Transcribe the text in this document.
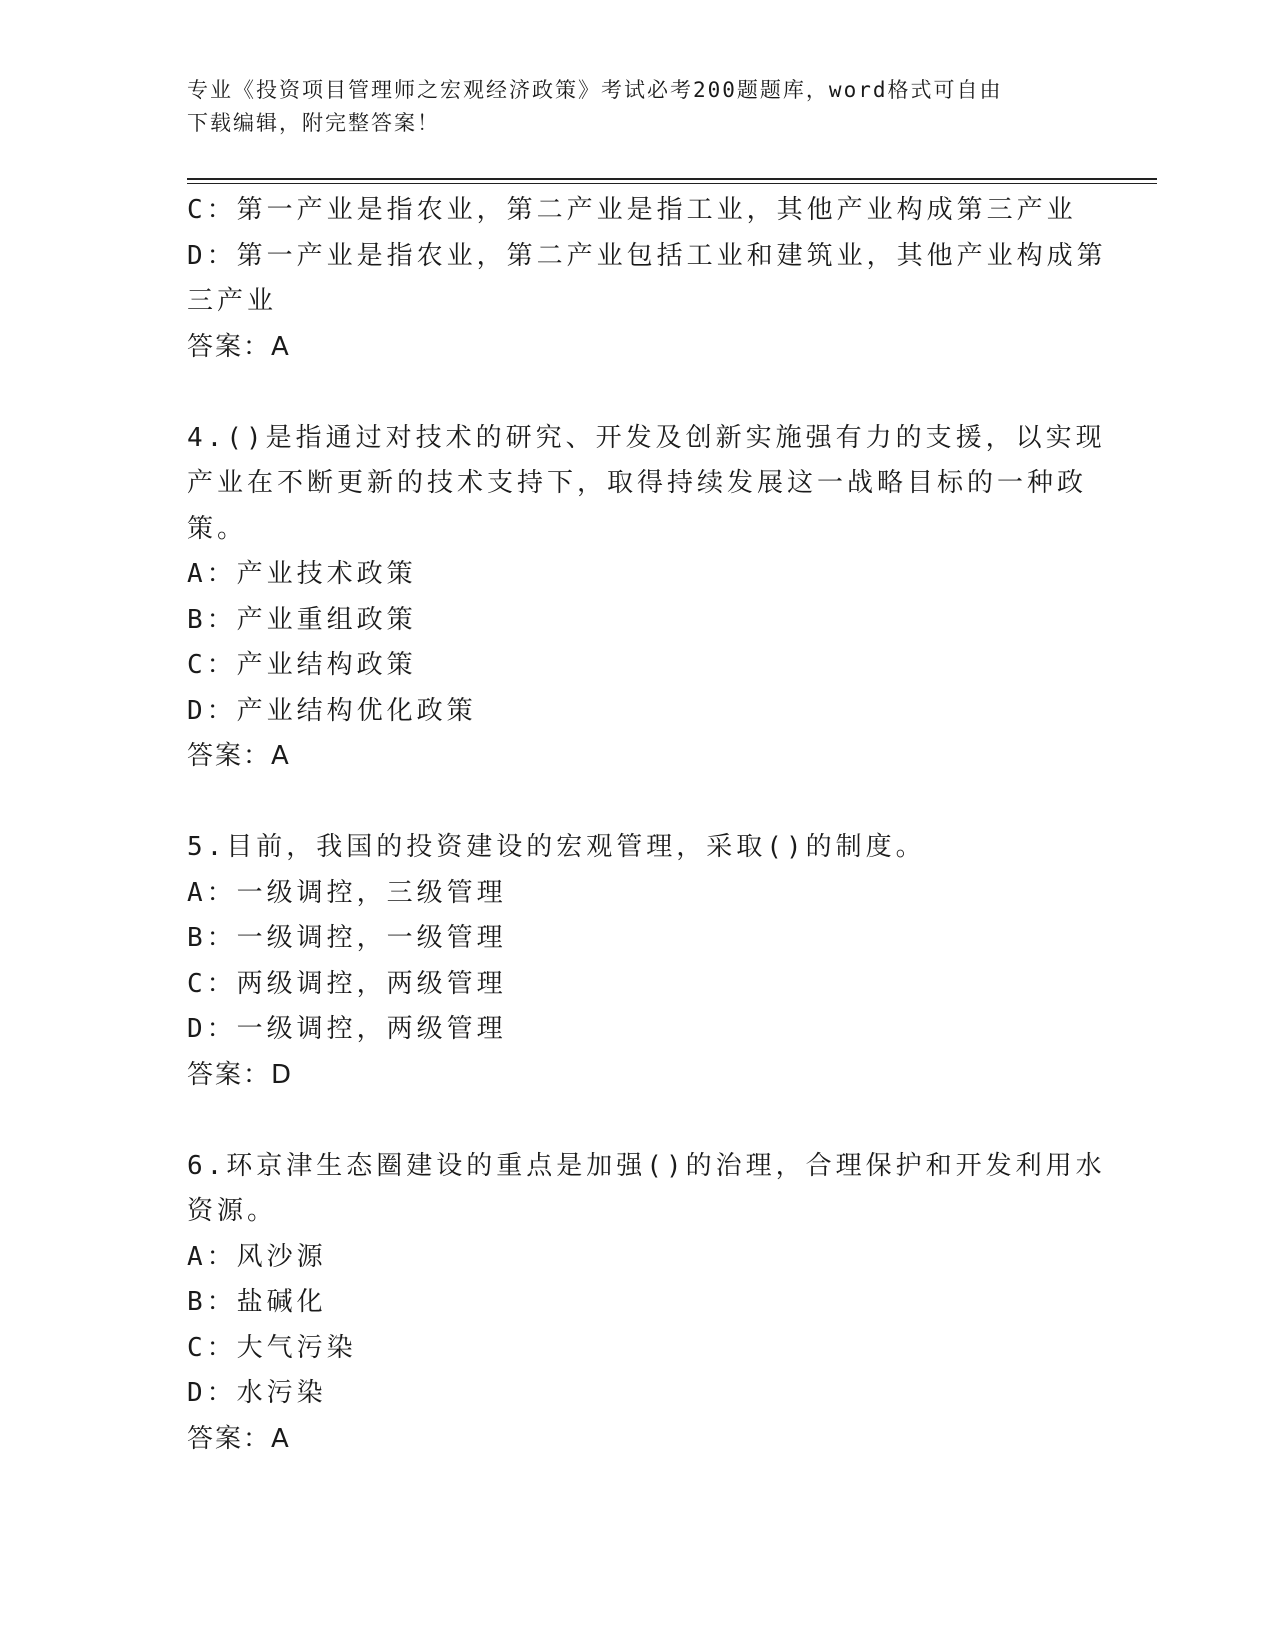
专业《投资项目管理师之宏观经济政策》考试必考200题题库，word格式可自由
下载编辑，附完整答案！
C：第一产业是指农业，第二产业是指工业，其他产业构成第三产业
D：第一产业是指农业，第二产业包括工业和建筑业，其他产业构成第
三产业
答案：A
4.()是指通过对技术的研究、开发及创新实施强有力的支援，以实现
产业在不断更新的技术支持下，取得持续发展这一战略目标的一种政
策。
A：产业技术政策
B：产业重组政策
C：产业结构政策
D：产业结构优化政策
答案：A
5.目前，我国的投资建设的宏观管理，采取()的制度。
A：一级调控，三级管理
B：一级调控，一级管理
C：两级调控，两级管理
D：一级调控，两级管理
答案：D
6.环京津生态圈建设的重点是加强()的治理，合理保护和开发利用水
资源。
A：风沙源
B：盐碱化
C：大气污染
D：水污染
答案：A
